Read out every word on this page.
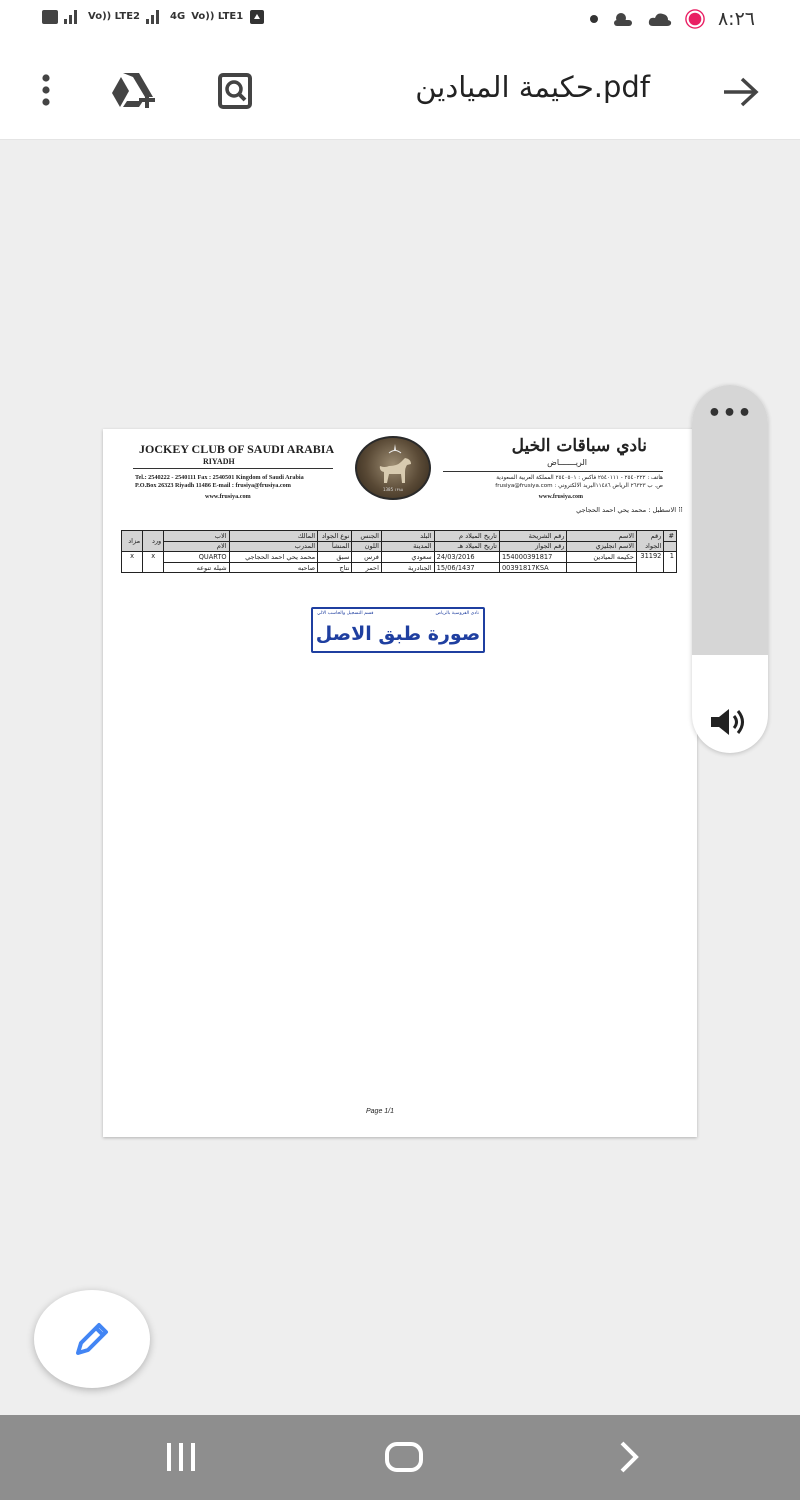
Vo)) LTE2	4G Vo)) LTE1	٨:٢٦
حكيمة الميادين.pdf
JOCKEY CLUB OF SAUDI ARABIA
RIYADH
Tel.: 2540222 - 2540111 Fax : 2540501 Kingdom of Saudi Arabia
P.O.Box 26323 Riyadh 11486 E-mail : frusiya@frusiya.com
www.frusiya.com
1385 ١٣٨٥
نادي سباقات الخيل
الريـــــــاض
هاتف : ٢٥٤٠٢٢٢ - ٢٥٤٠١١١ فاكس : ٢٥٤٠٥٠١ المملكة العربية السعودية
ص. ب ٢٦٣٢٣ الرياض ١١٤٨٦البريد الالكتروني : frusiya@frusiya.com
www.frusiya.com
⠿ الاسطبل : محمد يحي احمد الحجاجي
#	رقم الجواد	الاسم	رقم الشريحة	تاريخ الميلاد م	البلد	الجنس	نوع الجواد	المالك	الاب	ورد	مزاد
		الاسم انجليزي	رقم الجواز	تاريخ الميلاد هـ	المدينة	اللون	المنشأ	المدرب	الام		
1	31192	حكيمه الميادين	154000391817	24/03/2016	سعودي	فرس	سبق	محمد يحي احمد الحجاجي	QUARTO	x	x
			00391817KSA	15/06/1437	الجنادرية	احمر	نتاج	صاحبه	شيله تنوعه		
نادي الفروسية بالرياض
قسم التسجيل والحاسب الالي
صورة طبق الاصل
Page 1/1
•••
